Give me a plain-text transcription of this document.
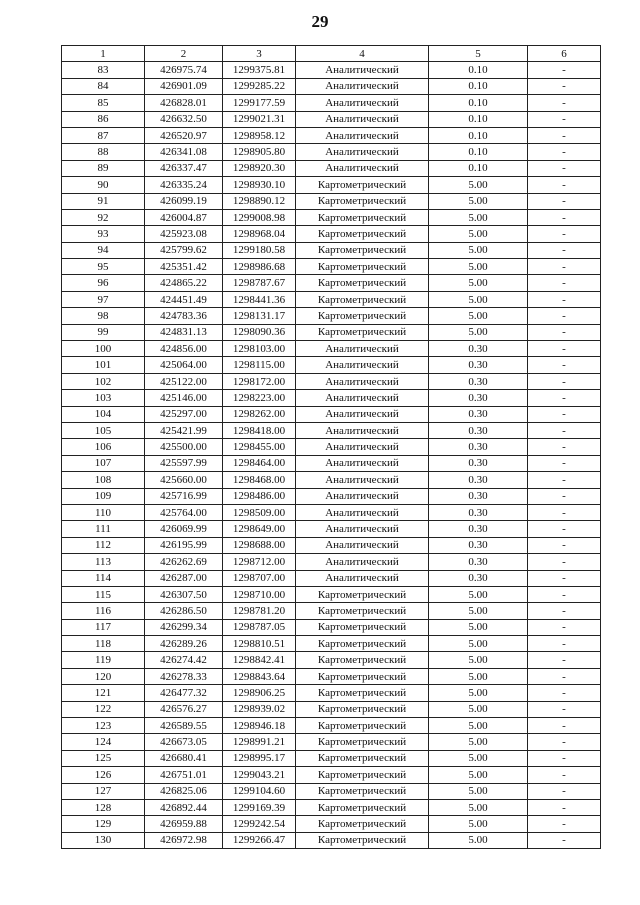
29
1	2	3	4	5	6
83	426975.74	1299375.81	Аналитический	0.10	-
84	426901.09	1299285.22	Аналитический	0.10	-
85	426828.01	1299177.59	Аналитический	0.10	-
86	426632.50	1299021.31	Аналитический	0.10	-
87	426520.97	1298958.12	Аналитический	0.10	-
88	426341.08	1298905.80	Аналитический	0.10	-
89	426337.47	1298920.30	Аналитический	0.10	-
90	426335.24	1298930.10	Картометрический	5.00	-
91	426099.19	1298890.12	Картометрический	5.00	-
92	426004.87	1299008.98	Картометрический	5.00	-
93	425923.08	1298968.04	Картометрический	5.00	-
94	425799.62	1299180.58	Картометрический	5.00	-
95	425351.42	1298986.68	Картометрический	5.00	-
96	424865.22	1298787.67	Картометрический	5.00	-
97	424451.49	1298441.36	Картометрический	5.00	-
98	424783.36	1298131.17	Картометрический	5.00	-
99	424831.13	1298090.36	Картометрический	5.00	-
100	424856.00	1298103.00	Аналитический	0.30	-
101	425064.00	1298115.00	Аналитический	0.30	-
102	425122.00	1298172.00	Аналитический	0.30	-
103	425146.00	1298223.00	Аналитический	0.30	-
104	425297.00	1298262.00	Аналитический	0.30	-
105	425421.99	1298418.00	Аналитический	0.30	-
106	425500.00	1298455.00	Аналитический	0.30	-
107	425597.99	1298464.00	Аналитический	0.30	-
108	425660.00	1298468.00	Аналитический	0.30	-
109	425716.99	1298486.00	Аналитический	0.30	-
110	425764.00	1298509.00	Аналитический	0.30	-
111	426069.99	1298649.00	Аналитический	0.30	-
112	426195.99	1298688.00	Аналитический	0.30	-
113	426262.69	1298712.00	Аналитический	0.30	-
114	426287.00	1298707.00	Аналитический	0.30	-
115	426307.50	1298710.00	Картометрический	5.00	-
116	426286.50	1298781.20	Картометрический	5.00	-
117	426299.34	1298787.05	Картометрический	5.00	-
118	426289.26	1298810.51	Картометрический	5.00	-
119	426274.42	1298842.41	Картометрический	5.00	-
120	426278.33	1298843.64	Картометрический	5.00	-
121	426477.32	1298906.25	Картометрический	5.00	-
122	426576.27	1298939.02	Картометрический	5.00	-
123	426589.55	1298946.18	Картометрический	5.00	-
124	426673.05	1298991.21	Картометрический	5.00	-
125	426680.41	1298995.17	Картометрический	5.00	-
126	426751.01	1299043.21	Картометрический	5.00	-
127	426825.06	1299104.60	Картометрический	5.00	-
128	426892.44	1299169.39	Картометрический	5.00	-
129	426959.88	1299242.54	Картометрический	5.00	-
130	426972.98	1299266.47	Картометрический	5.00	-
